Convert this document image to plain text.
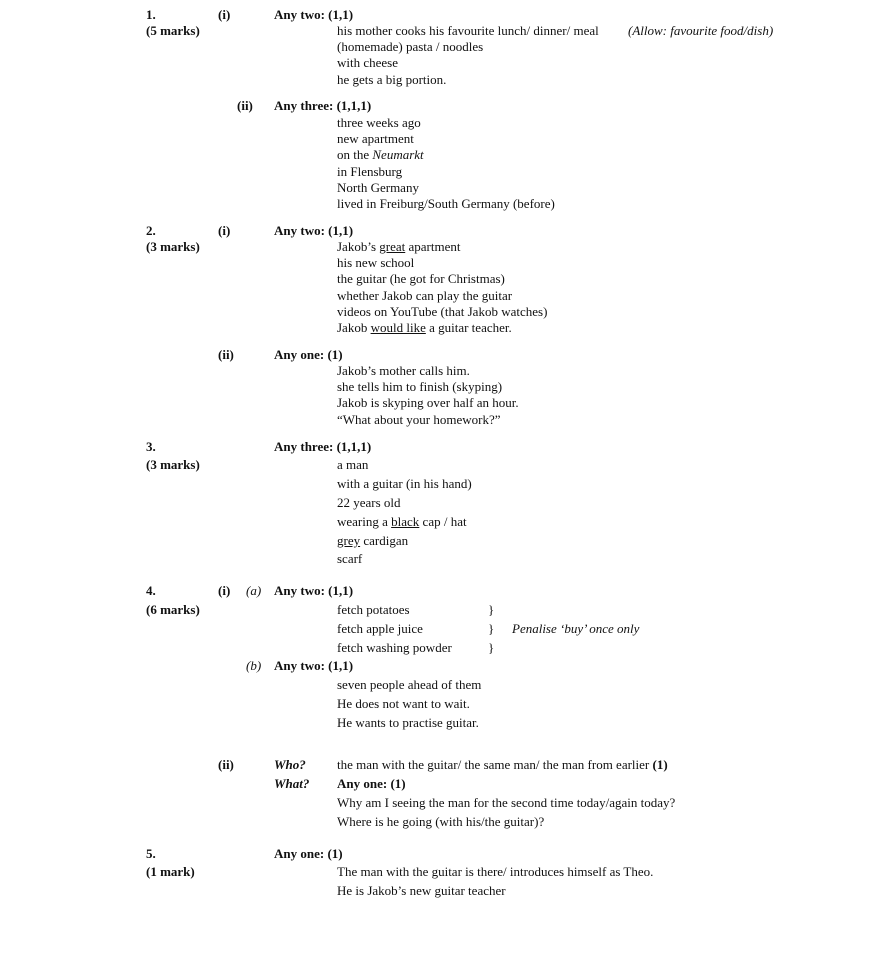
1.
(5 marks)
(i)	Any two: (1,1)
his mother cooks his favourite lunch/ dinner/ meal (Allow: favourite food/dish)
(homemade) pasta / noodles
with cheese
he gets a big portion.
(ii) Any three: (1,1,1)
three weeks ago
new apartment
on the Neumarkt
in Flensburg
North Germany
lived in Freiburg/South Germany (before)
2.
(3 marks)
(i)	Any two: (1,1)
Jakob’s great apartment
his new school
the guitar (he got for Christmas)
whether Jakob can play the guitar
videos on YouTube (that Jakob watches)
Jakob would like a guitar teacher.
(ii)	Any one: (1)
Jakob’s mother calls him.
she tells him to finish (skyping)
Jakob is skyping over half an hour.
“What about your homework?”
3.
(3 marks)
Any three: (1,1,1)
a man
with a guitar (in his hand)
22 years old
wearing a black cap / hat
grey cardigan
scarf
4.
(6 marks)
(i) (a) Any two: (1,1)
fetch potatoes	}
fetch apple juice	} Penalise ‘buy’ once only
fetch washing powder	}
(b) Any two: (1,1)
seven people ahead of them
He does not want to wait.
He wants to practise guitar.
(ii)	Who? the man with the guitar/ the same man/ the man from earlier (1)
What? Any one: (1)
Why am I seeing the man for the second time today/again today?
Where is he going (with his/the guitar)?
5.
(1 mark)
Any one: (1)
The man with the guitar is there/ introduces himself as Theo.
He is Jakob’s new guitar teacher
